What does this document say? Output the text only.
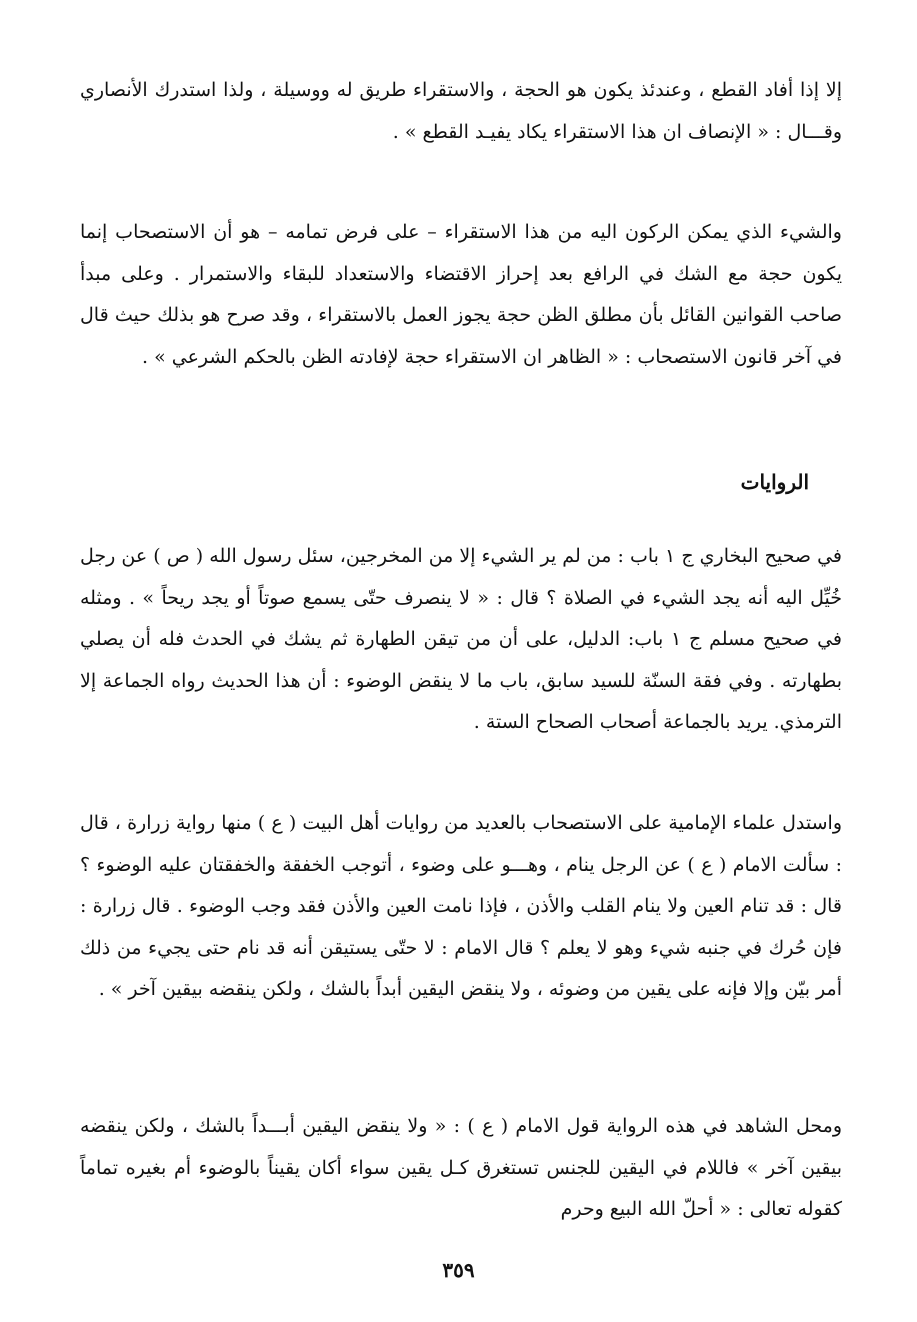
إلا إذا أفاد القطع ، وعندئذ يكون هو الحجة ، والاستقراء طريق له ووسيلة ، ولذا استدرك الأنصاري وقـــال : « الإنصاف ان هذا الاستقراء يكاد يفيـد القطع » .

والشيء الذي يمكن الركون اليه من هذا الاستقراء – على فرض تمامه – هو أن الاستصحاب إنما يكون حجة مع الشك في الرافع بعد إحراز الاقتضاء والاستعداد للبقاء والاستمرار . وعلى مبدأ صاحب القوانين القائل بأن مطلق الظن حجة يجوز العمل بالاستقراء ، وقد صرح هو بذلك حيث قال في آخر قانون الاستصحاب : « الظاهر ان الاستقراء حجة لإفادته الظن بالحكم الشرعي » .

الروايات

في صحيح البخاري ج ١ باب : من لم ير الشيء إلا من المخرجين، سئل رسول الله ( ص ) عن رجل خُيِّل اليه أنه يجد الشيء في الصلاة ؟ قال : « لا ينصرف حتّى يسمع صوتاً أو يجد ريحاً » . ومثله في صحيح مسلم ج ١ باب: الدليل، على أن من تيقن الطهارة ثم يشك في الحدث فله أن يصلي بطهارته . وفي فقة السنّة للسيد سابق، باب ما لا ينقض الوضوء : أن هذا الحديث رواه الجماعة إلا الترمذي. يريد بالجماعة أصحاب الصحاح الستة .

واستدل علماء الإمامية على الاستصحاب بالعديد من روايات أهل البيت ( ع ) منها رواية زرارة ، قال : سألت الامام ( ع ) عن الرجل ينام ، وهـــو على وضوء ، أتوجب الخفقة والخفقتان عليه الوضوء ؟ قال : قد تنام العين ولا ينام القلب والأذن ، فإذا نامت العين والأذن فقد وجب الوضوء . قال زرارة : فإن حُرك في جنبه شيء وهو لا يعلم ؟ قال الامام : لا حتّى يستيقن أنه قد نام حتى يجيء من ذلك أمر بيّن وإلا فإنه على يقين من وضوئه ، ولا ينقض اليقين أبداً بالشك ، ولكن ينقضه بيقين آخر » .

ومحل الشاهد في هذه الرواية قول الامام ( ع ) : « ولا ينقض اليقين أبـــداً بالشك ، ولكن ينقضه بيقين آخر » فاللام في اليقين للجنس تستغرق كـل يقين سواء أكان يقيناً بالوضوء أم بغيره تماماً كقوله تعالى : « أحلّ الله البيع وحرم

٣٥٩
